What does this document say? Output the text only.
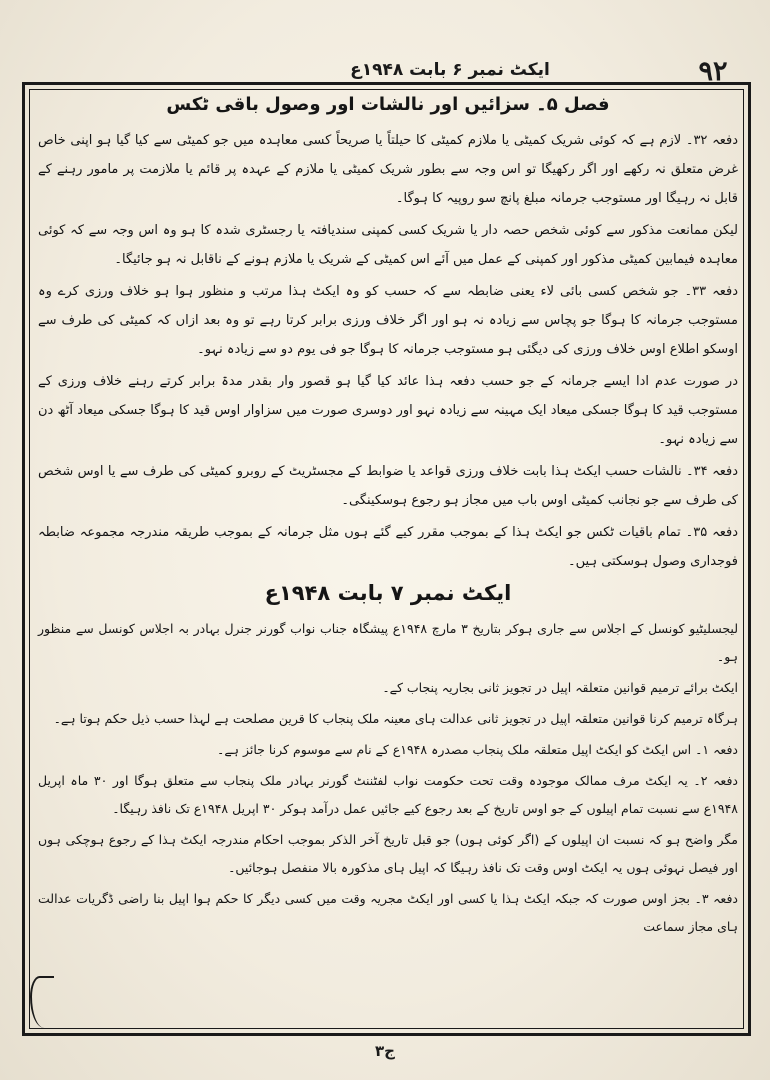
۹۲
ایکٹ نمبر ۶ بابت ۱۹۴۸ع
فصل ۵۔ سزائیں اور نالشات اور وصول باقی ٹکس

دفعہ ۳۲۔ لازم ہے کہ کوئی شریک کمیٹی یا ملازم کمیٹی کا حیلتاً یا صریحاً کسی معاہدہ میں جو کمیٹی سے کیا گیا ہو اپنی خاص غرض متعلق نہ رکھے اور اگر رکھیگا تو اس وجہ سے بطور شریک کمیٹی یا ملازم کے عہدہ پر قائم یا ملازمت پر مامور رہنے کے قابل نہ رہیگا اور مستوجب جرمانہ مبلغ پانچ سو روپیہ کا ہوگا۔

لیکن ممانعت مذکور سے کوئی شخص حصہ دار یا شریک کسی کمپنی سندیافتہ یا رجسٹری شدہ کا ہو وہ اس وجہ سے کہ کوئی معاہدہ فیمابین کمیٹی مذکور اور کمپنی کے عمل میں آئے اس کمیٹی کے شریک یا ملازم ہونے کے ناقابل نہ ہو جائیگا۔

دفعہ ۳۳۔ جو شخص کسی بائی لاء یعنی ضابطہ سے کہ حسب کو وہ ایکٹ ہذا مرتب و منظور ہوا ہو خلاف ورزی کرے وہ مستوجب جرمانہ کا ہوگا جو پچاس سے زیادہ نہ ہو اور اگر خلاف ورزی برابر کرتا رہے تو وہ بعد ازاں کہ کمیٹی کی طرف سے اوسکو اطلاع اوس خلاف ورزی کی دیگئی ہو مستوجب جرمانہ کا ہوگا جو فی یوم دو سے زیادہ نہو۔

در صورت عدم ادا ایسے جرمانہ کے جو حسب دفعہ ہذا عائد کیا گیا ہو قصور وار بقدر مدۃ برابر کرتے رہنے خلاف ورزی کے مستوجب قید کا ہوگا جسکی میعاد ایک مہینہ سے زیادہ نہو اور دوسری صورت میں سزاوار اوس قید کا ہوگا جسکی میعاد آٹھ دن سے زیادہ نہو۔

دفعہ ۳۴۔ نالشات حسب ایکٹ ہذا بابت خلاف ورزی قواعد یا ضوابط کے مجسٹریٹ کے روبرو کمیٹی کی طرف سے یا اوس شخص کی طرف سے جو نجانب کمیٹی اوس باب میں مجاز ہو رجوع ہوسکینگی۔

دفعہ ۳۵۔ تمام باقیات ٹکس جو ایکٹ ہذا کے بموجب مقرر کیے گئے ہوں مثل جرمانہ کے بموجب طریقہ مندرجہ مجموعہ ضابطہ فوجداری وصول ہوسکتی ہیں۔

ایکٹ نمبر ۷ بابت ۱۹۴۸ع

لیجسلیٹیو کونسل کے اجلاس سے جاری ہوکر بتاریخ ۳ مارچ ۱۹۴۸ع پیشگاہ جناب نواب گورنر جنرل بہادر بہ اجلاس کونسل سے منظور ہو۔

ایکٹ برائے ترمیم قوانین متعلقہ اپیل در تجویز ثانی بجاریہ پنجاب کے۔

ہرگاہ ترمیم کرنا قوانین متعلقہ اپیل در تجویز ثانی عدالت ہای معینہ ملک پنجاب کا قرین مصلحت ہے لہذا حسب ذیل حکم ہوتا ہے۔

دفعہ ۱۔ اس ایکٹ کو ایکٹ اپیل متعلقہ ملک پنجاب مصدرہ ۱۹۴۸ع کے نام سے موسوم کرنا جائز ہے۔

دفعہ ۲۔ یہ ایکٹ مرف ممالک موجودہ وقت تحت حکومت نواب لفٹننٹ گورنر بہادر ملک پنجاب سے متعلق ہوگا اور ۳۰ ماہ اپریل ۱۹۴۸ع سے نسبت تمام اپیلوں کے جو اوس تاریخ کے بعد رجوع کیے جائیں عمل درآمد ہوکر ۳۰ اپریل ۱۹۴۸ع تک نافذ رہیگا۔

مگر واضح ہو کہ نسبت ان اپیلوں کے (اگر کوئی ہوں) جو قبل تاریخ آخر الذکر بموجب احکام مندرجہ ایکٹ ہذا کے رجوع ہوچکی ہوں اور فیصل نہوئی ہوں یہ ایکٹ اوس وقت تک نافذ رہیگا کہ اپیل ہای مذکورہ بالا منفصل ہوجائیں۔

دفعہ ۳۔ بجز اوس صورت کہ جبکہ ایکٹ ہذا یا کسی اور ایکٹ مجریہ وقت میں کسی دیگر کا حکم ہوا اپیل بنا راضی ڈگریات عدالت ہای مجاز سماعت

۳ج
